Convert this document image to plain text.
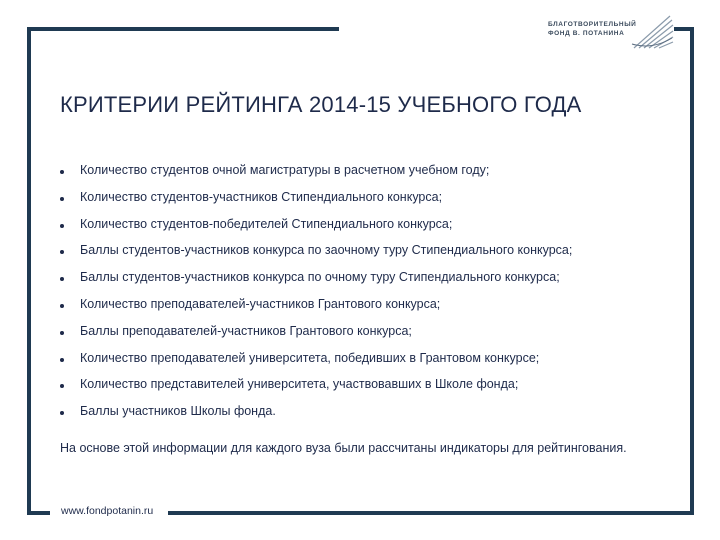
БЛАГОТВОРИТЕЛЬНЫЙ
ФОНД В. ПОТАНИНА
КРИТЕРИИ РЕЙТИНГА 2014-15 УЧЕБНОГО ГОДА
Количество студентов очной магистратуры в расчетном учебном году;
Количество студентов-участников Стипендиального конкурса;
Количество студентов-победителей Стипендиального конкурса;
Баллы студентов-участников конкурса по заочному туру Стипендиального конкурса;
Баллы студентов-участников конкурса по очному туру Стипендиального конкурса;
Количество преподавателей-участников Грантового конкурса;
Баллы преподавателей-участников Грантового конкурса;
Количество преподавателей университета, победивших в Грантовом конкурсе;
Количество представителей университета, участвовавших в Школе фонда;
Баллы участников Школы фонда.
На основе этой информации для каждого вуза были рассчитаны индикаторы для рейтингования.
www.fondpotanin.ru
